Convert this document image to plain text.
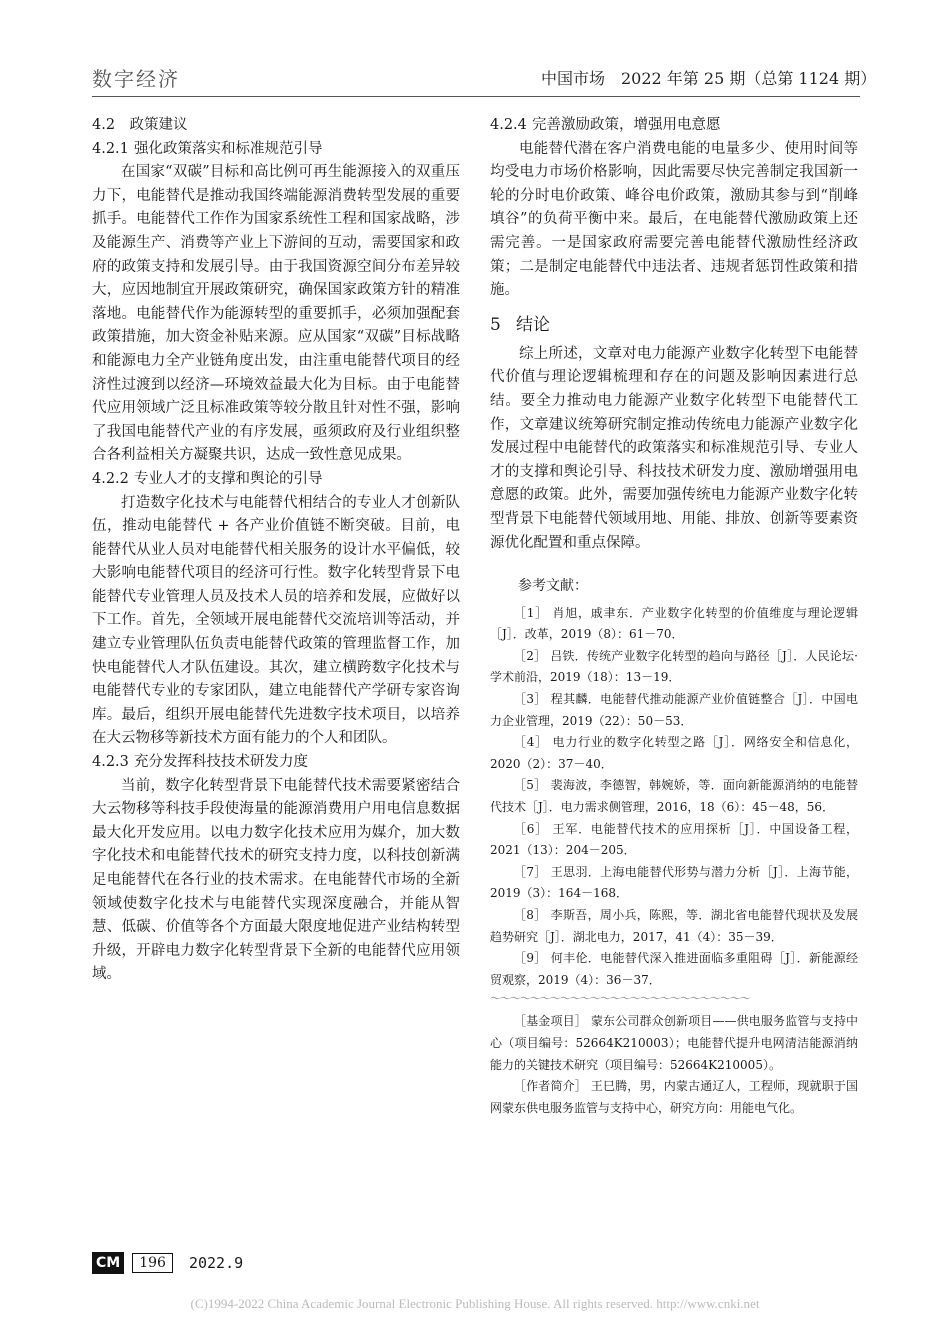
数字经济	中国市场　2022 年第 25 期（总第 1124 期）
4.2　政策建议
4.2.1 强化政策落实和标准规范引导

在国家“双碳”目标和高比例可再生能源接入的双重压力下，电能替代是推动我国终端能源消费转型发展的重要抓手。电能替代工作作为国家系统性工程和国家战略，涉及能源生产、消费等产业上下游间的互动，需要国家和政府的政策支持和发展引导。由于我国资源空间分布差异较大，应因地制宜开展政策研究，确保国家政策方针的精准落地。电能替代作为能源转型的重要抓手，必须加强配套政策措施，加大资金补贴来源。应从国家“双碳”目标战略和能源电力全产业链角度出发，由注重电能替代项目的经济性过渡到以经济—环境效益最大化为目标。由于电能替代应用领域广泛且标准政策等较分散且针对性不强，影响了我国电能替代产业的有序发展，亟须政府及行业组织整合各利益相关方凝聚共识，达成一致性意见成果。

4.2.2 专业人才的支撑和舆论的引导

打造数字化技术与电能替代相结合的专业人才创新队伍，推动电能替代 + 各产业价值链不断突破。目前，电能替代从业人员对电能替代相关服务的设计水平偏低，较大影响电能替代项目的经济可行性。数字化转型背景下电能替代专业管理人员及技术人员的培养和发展，应做好以下工作。首先，全领域开展电能替代交流培训等活动，并建立专业管理队伍负责电能替代政策的管理监督工作，加快电能替代人才队伍建设。其次，建立横跨数字化技术与电能替代专业的专家团队，建立电能替代产学研专家咨询库。最后，组织开展电能替代先进数字技术项目，以培养在大云物移等新技术方面有能力的个人和团队。

4.2.3 充分发挥科技技术研发力度

当前，数字化转型背景下电能替代技术需要紧密结合大云物移等科技手段使海量的能源消费用户用电信息数据最大化开发应用。以电力数字化技术应用为媒介，加大数字化技术和电能替代技术的研究支持力度，以科技创新满足电能替代在各行业的技术需求。在电能替代市场的全新领域使数字化技术与电能替代实现深度融合，并能从智慧、低碳、价值等各个方面最大限度地促进产业结构转型升级，开辟电力数字化转型背景下全新的电能替代应用领域。

4.2.4 完善激励政策，增强用电意愿

电能替代潜在客户消费电能的电量多少、使用时间等均受电力市场价格影响，因此需要尽快完善制定我国新一轮的分时电价政策、峰谷电价政策，激励其参与到“削峰填谷”的负荷平衡中来。最后，在电能替代激励政策上还需完善。一是国家政府需要完善电能替代激励性经济政策；二是制定电能替代中违法者、违规者惩罚性政策和措施。

5 结论

综上所述，文章对电力能源产业数字化转型下电能替代价值与理论逻辑梳理和存在的问题及影响因素进行总结。要全力推动电力能源产业数字化转型下电能替代工作，文章建议统筹研究制定推动传统电力能源产业数字化发展过程中电能替代的政策落实和标准规范引导、专业人才的支撑和舆论引导、科技技术研发力度、激励增强用电意愿的政策。此外，需要加强传统电力能源产业数字化转型背景下电能替代领域用地、用能、排放、创新等要素资源优化配置和重点保障。

参考文献：

［1］ 肖旭，戚聿东．产业数字化转型的价值维度与理论逻辑［J］．改革，2019（8）：61－70．

［2］ 吕铁．传统产业数字化转型的趋向与路径［J］．人民论坛·学术前沿，2019（18）：13－19．

［3］ 程其麟．电能替代推动能源产业价值链整合［J］．中国电力企业管理，2019（22）：50－53．

［4］ 电力行业的数字化转型之路［J］．网络安全和信息化，2020（2）：37－40．

［5］ 裴海波，李德智，韩婉娇，等．面向新能源消纳的电能替代技术［J］．电力需求侧管理，2016，18（6）：45－48，56．

［6］ 王军．电能替代技术的应用探析［J］．中国设备工程，2021（13）：204－205．

［7］ 王思羽．上海电能替代形势与潜力分析［J］．上海节能，2019（3）：164－168．

［8］ 李斯吾，周小兵，陈熙，等．湖北省电能替代现状及发展趋势研究［J］．湖北电力，2017，41（4）：35－39．

［9］ 何丰伦．电能替代深入推进面临多重阻碍［J］．新能源经贸观察，2019（4）：36－37．

～～～～～～～～～～～～～～～～～～～～～～～～～～

［基金项目］ 蒙东公司群众创新项目——供电服务监管与支持中心（项目编号：52664K210003）；电能替代提升电网清洁能源消纳能力的关键技术研究（项目编号：52664K210005）。

［作者简介］ 王巳腾，男，内蒙古通辽人，工程师，现就职于国网蒙东供电服务监管与支持中心，研究方向：用能电气化。

CM	196	2022.9
(C)1994-2022 China Academic Journal Electronic Publishing House. All rights reserved. http://www.cnki.net
